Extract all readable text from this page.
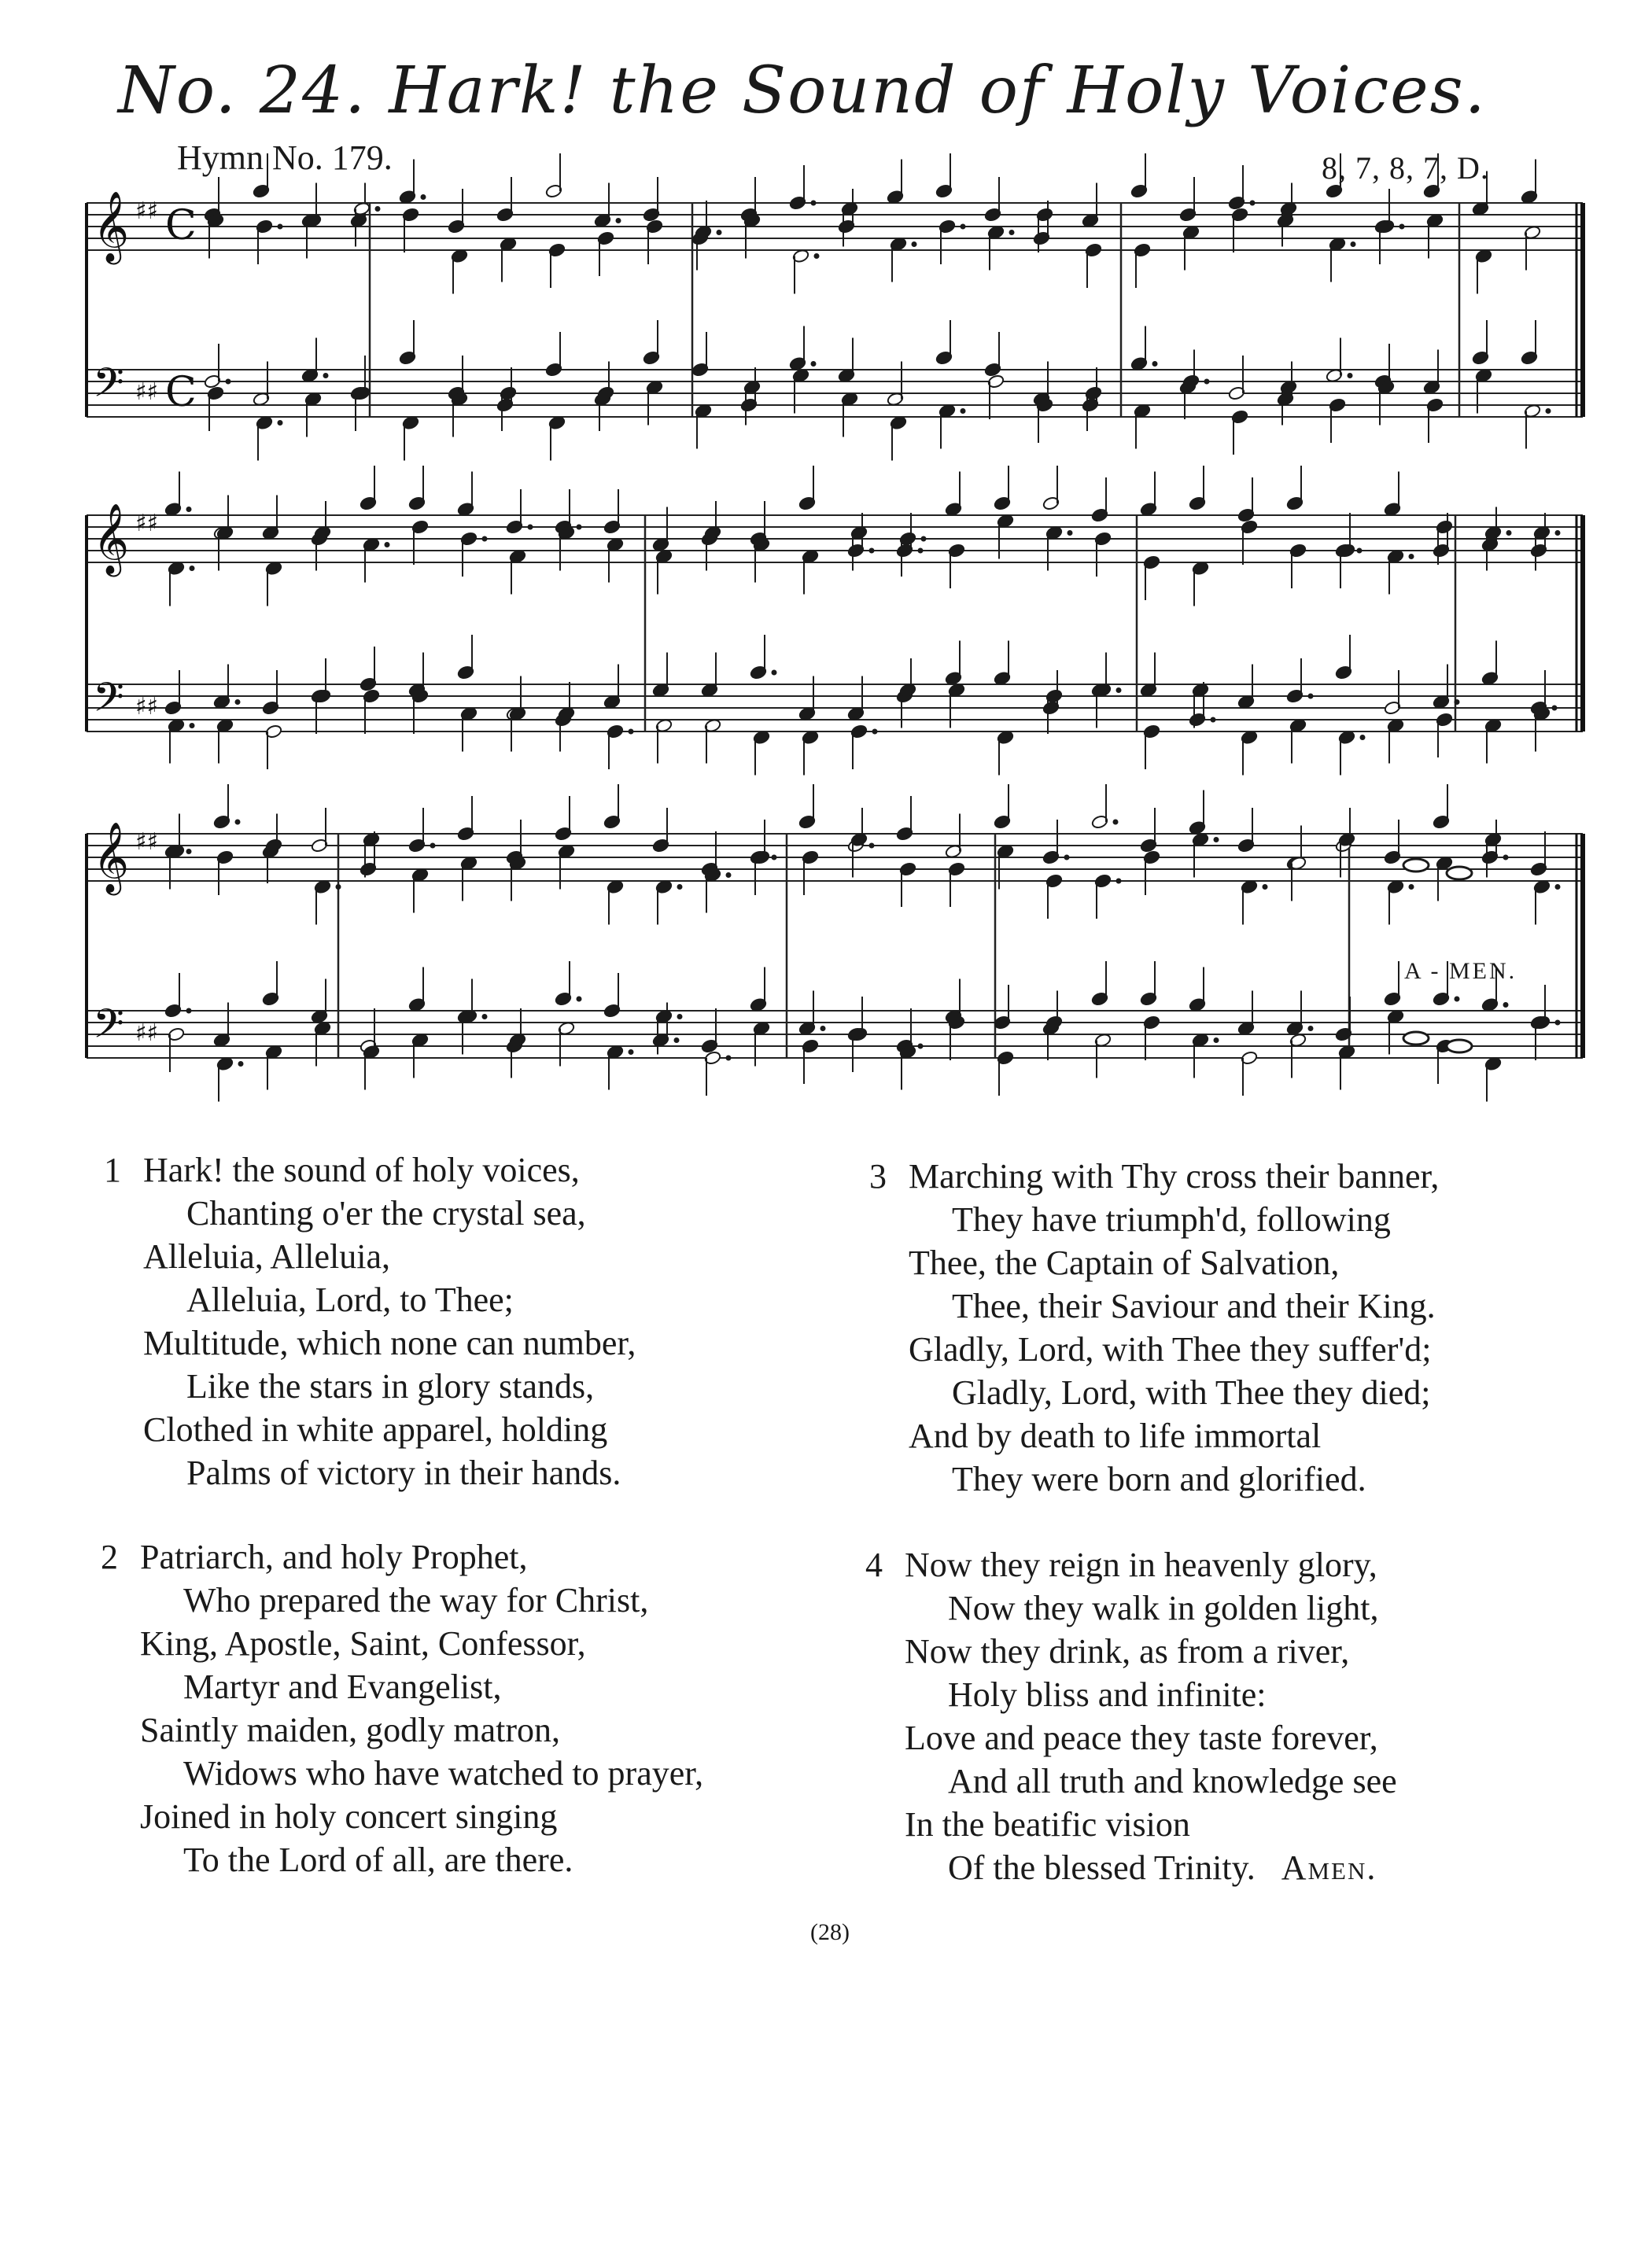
No. 24. Hark! the Sound of Holy Voices.
Hymn No. 179.	8, 7, 8, 7, D.
𝄞 ♯♯ C
𝄢 ♯♯ C
𝄞 ♯♯
𝄢 ♯♯
𝄞 ♯♯
𝄢 ♯♯
A - MEN.
1 Hark! the sound of holy voices,
Chanting o'er the crystal sea,
Alleluia, Alleluia,
Alleluia, Lord, to Thee;
Multitude, which none can number,
Like the stars in glory stands,
Clothed in white apparel, holding
Palms of victory in their hands.
2 Patriarch, and holy Prophet,
Who prepared the way for Christ,
King, Apostle, Saint, Confessor,
Martyr and Evangelist,
Saintly maiden, godly matron,
Widows who have watched to prayer,
Joined in holy concert singing
To the Lord of all, are there.
3 Marching with Thy cross their banner,
They have triumph'd, following
Thee, the Captain of Salvation,
Thee, their Saviour and their King.
Gladly, Lord, with Thee they suffer'd;
Gladly, Lord, with Thee they died;
And by death to life immortal
They were born and glorified.
4 Now they reign in heavenly glory,
Now they walk in golden light,
Now they drink, as from a river,
Holy bliss and infinite:
Love and peace they taste forever,
And all truth and knowledge see
In the beatific vision
Of the blessed Trinity. Amen.
(28)
